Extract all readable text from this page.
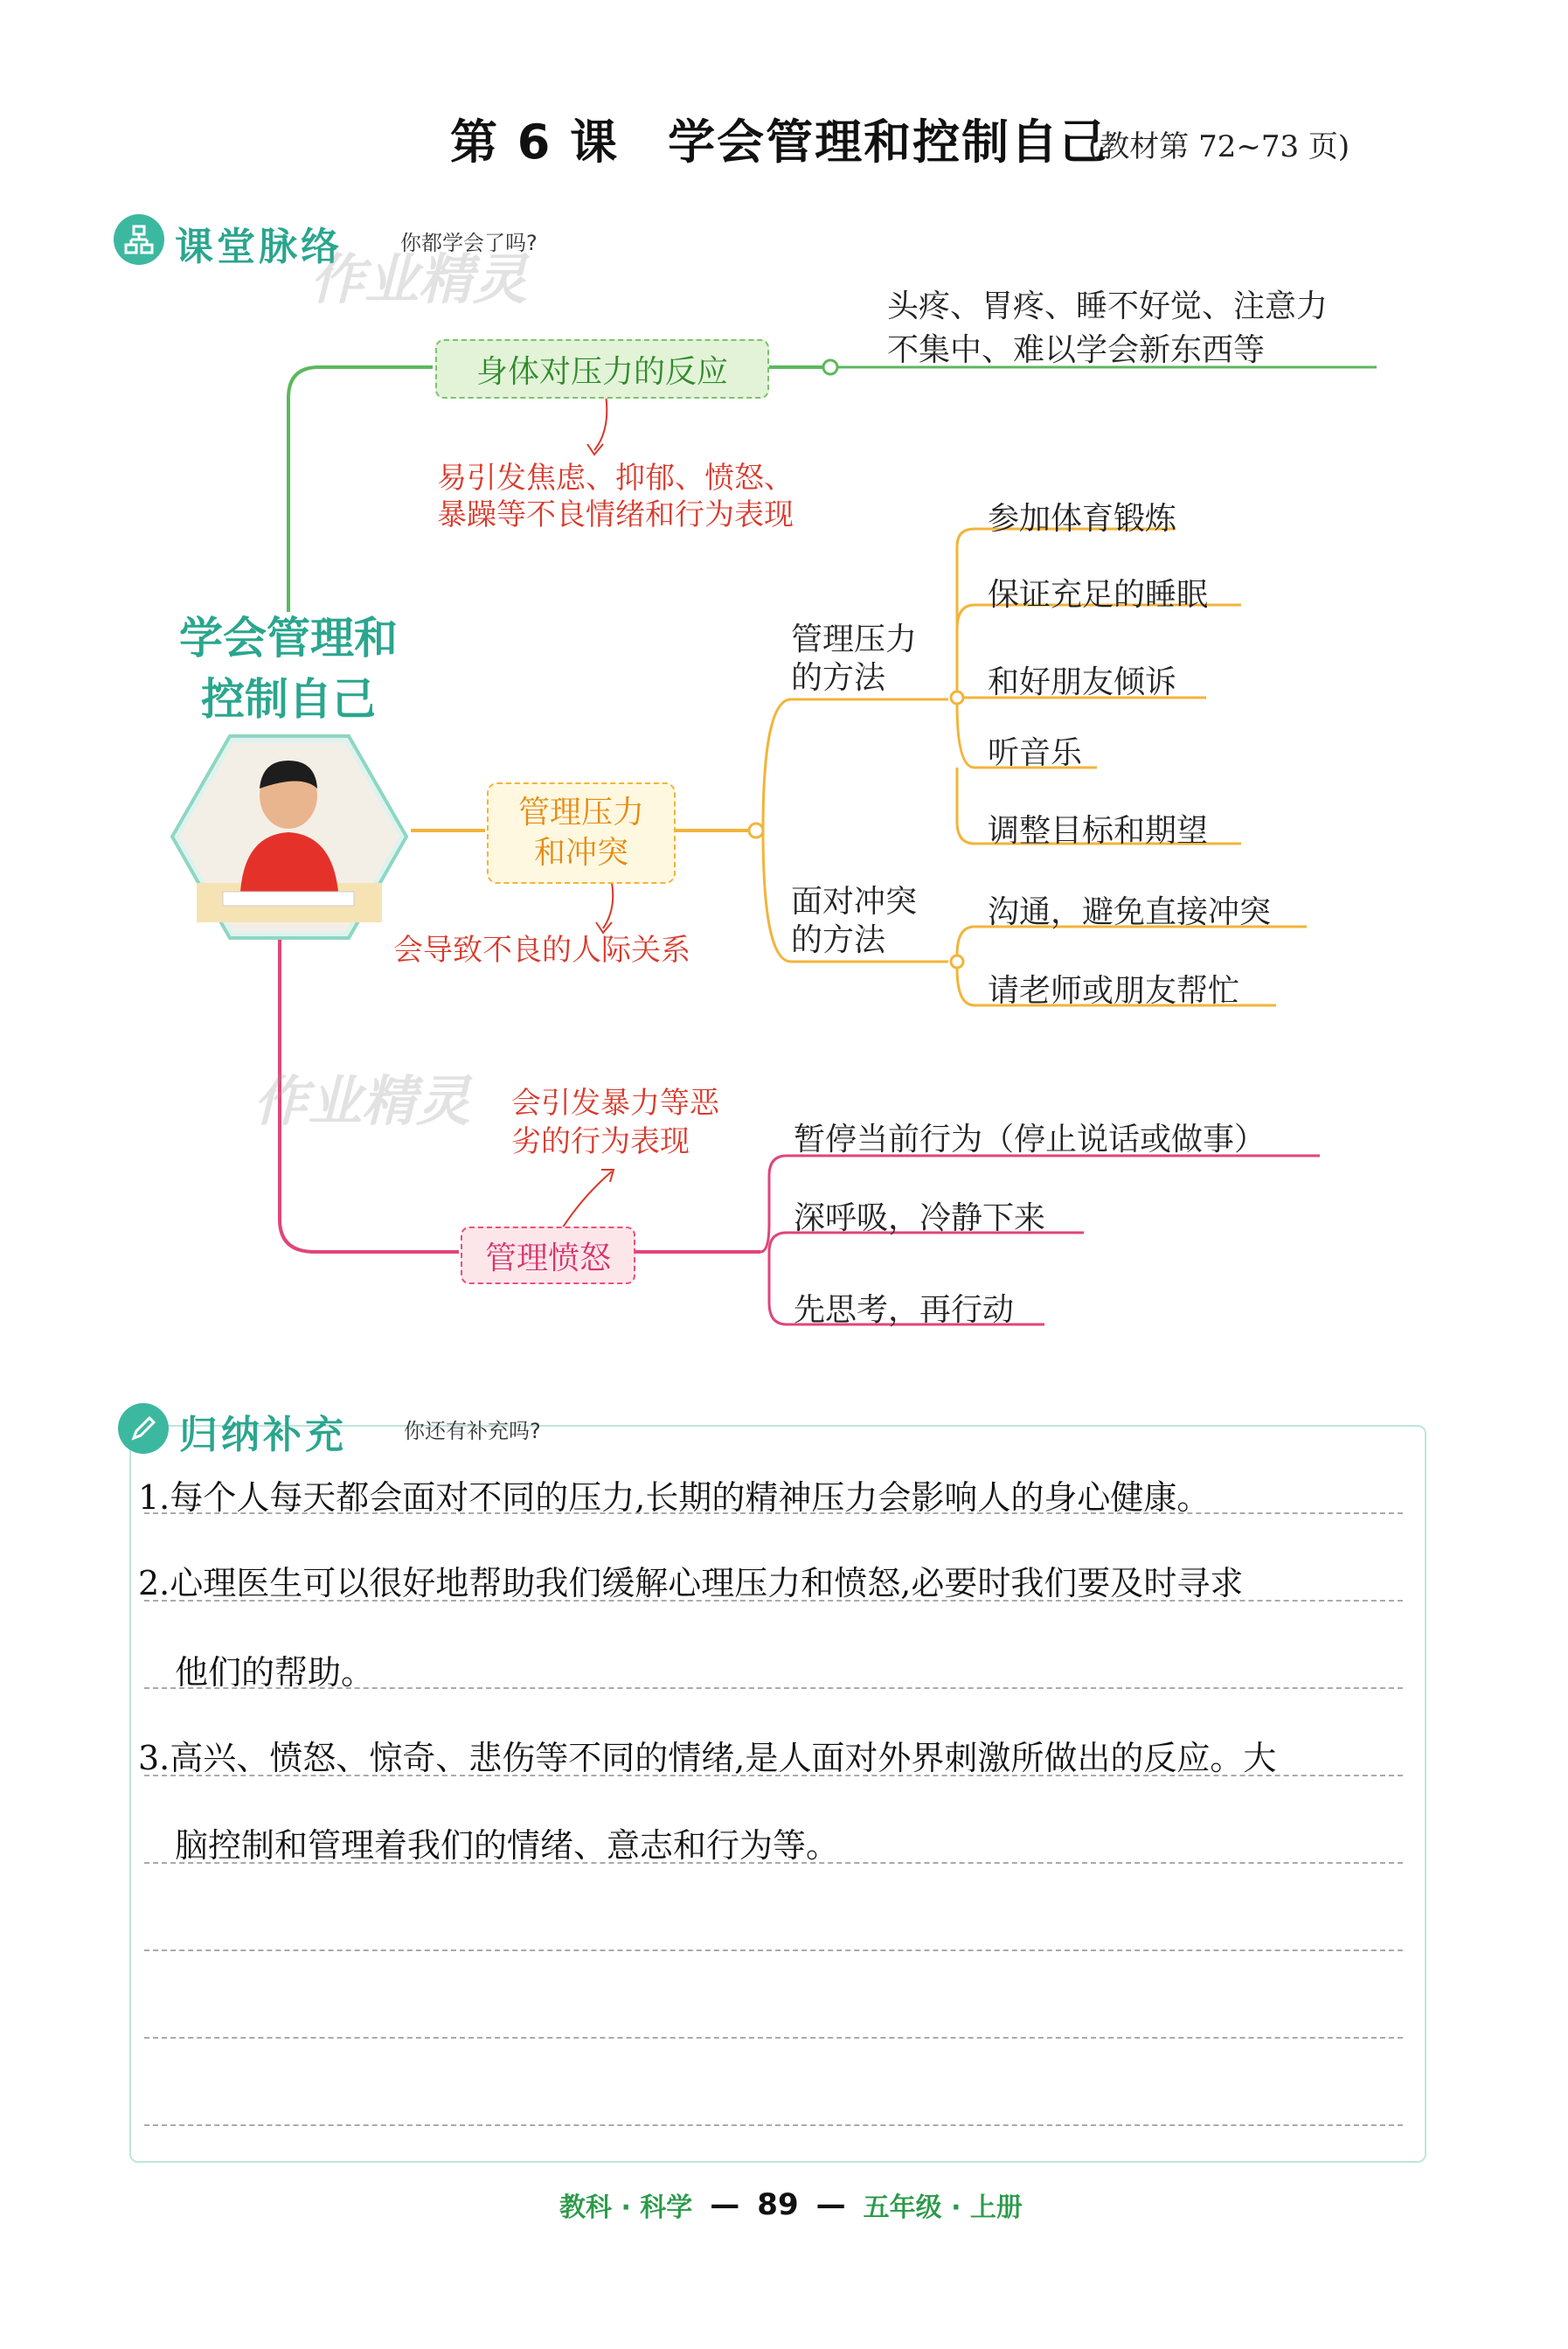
第 6 课　学会管理和控制自己
(教材第 72~73 页)
课堂脉络	你都学会了吗?
作业精灵
身体对压力的反应
头疼、胃疼、睡不好觉、注意力
不集中、难以学会新东西等
易引发焦虑、抑郁、愤怒、
暴躁等不良情绪和行为表现
学会管理和
控制自己
管理压力
和冲突
会导致不良的人际关系
管理压力
的方法
参加体育锻炼
保证充足的睡眠
和好朋友倾诉
听音乐
调整目标和期望
面对冲突
的方法
沟通，避免直接冲突
请老师或朋友帮忙
作业精灵 会引发暴力等恶
劣的行为表现
管理愤怒
暂停当前行为（停止说话或做事）
深呼吸，冷静下来
先思考，再行动
归纳补充	你还有补充吗?
1.每个人每天都会面对不同的压力,长期的精神压力会影响人的身心健康。
2.心理医生可以很好地帮助我们缓解心理压力和愤怒,必要时我们要及时寻求
他们的帮助。
3.高兴、愤怒、惊奇、悲伤等不同的情绪,是人面对外界刺激所做出的反应。大
脑控制和管理着我们的情绪、意志和行为等。
教科 · 科学 — 89 — 五年级 · 上册
